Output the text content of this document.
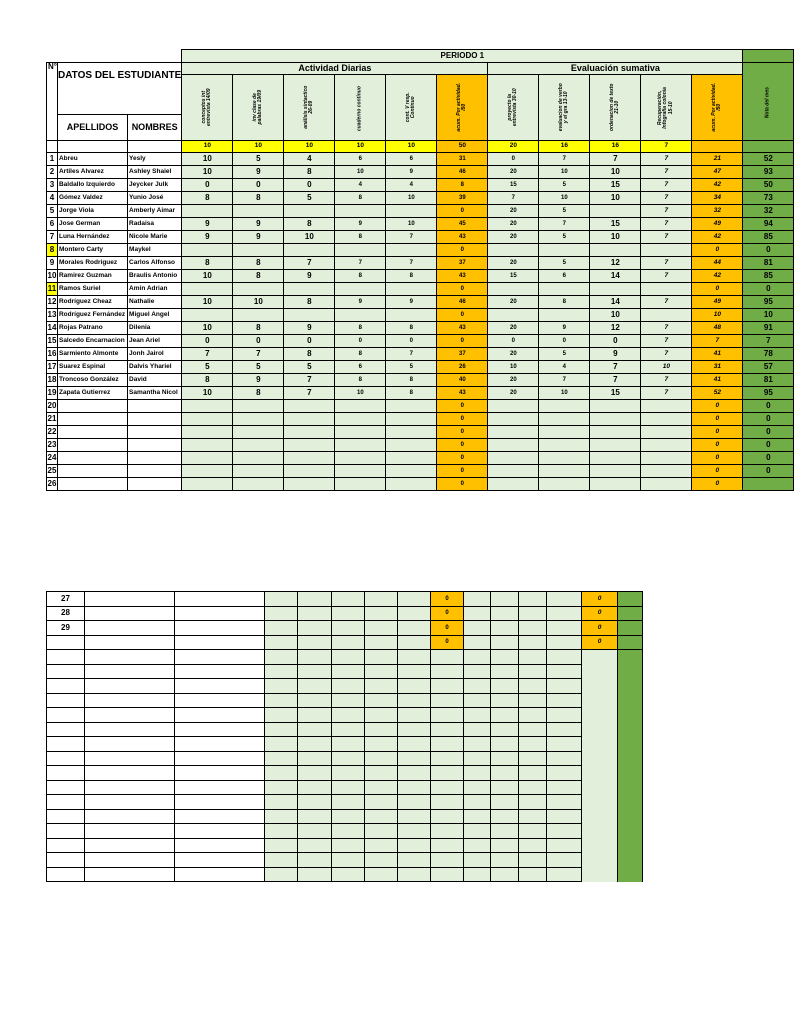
			PERIODO 1											
N°	DATOS DEL ESTUDIANTE		Actividad Diarias						Evaluación sumativa					Nota del mes
			conceptos int entrevista 14/09	inv clase de palabras 19/09	análisis sintactico 26-09	cuaderno continuo	cont. V resp. Continuo	acum. Por actividad. /50	proyecto la entrevista 30-10	evaluacion de verbo y el gra 13-10	ordenacion de texto 21-10	Recuperación, Infografia colonia 15-10	acum. Por actividad. /50	
	APELLIDOS	NOMBRES												
			10	10	10	10	10	50	20	16	16	7		
1	Abreu	Yesly	10	5	4	6	6	31	0	7	7	7	21	52
2	Artiles Alvarez	Ashley Shaiel	10	9	8	10	9	46	20	10	10	7	47	93
3	Baldallo Izquierdo	Jeycker Julk	0	0	0	4	4	8	15	5	15	7	42	50
4	Gómez Valdez	Yunio José	8	8	5	8	10	39	7	10	10	7	34	73
5	Jorge Viola	Amberly Aimar						0	20	5		7	32	32
6	Jose German	Radaisa	9	9	8	9	10	45	20	7	15	7	49	94
7	Luna Hernández	Nicole Marie	9	9	10	8	7	43	20	5	10	7	42	85
8	Montero Carty	Maykel						0					0	0
9	Morales Rodriguez	Carlos Alfonso	8	8	7	7	7	37	20	5	12	7	44	81
10	Ramirez Guzman	Braulis Antonio	10	8	9	8	8	43	15	6	14	7	42	85
11	Ramos Suriel	Amin Adrian						0					0	0
12	Rodríguez Cheaz	Nathalie	10	10	8	9	9	46	20	8	14	7	49	95
13	Rodríguez Fernández	Miguel Angel						0			10		10	10
14	Rojas Patrano	Dilenia	10	8	9	8	8	43	20	9	12	7	48	91
15	Salcedo Encarnacion	Jean Ariel	0	0	0	0	0	0	0	0	0	7	7	7
16	Sarmiento Almonte	Jonh Jairol	7	7	8	8	7	37	20	5	9	7	41	78
17	Suarez Espinal	Dalvis Yhariel	5	5	5	6	5	26	10	4	7	10	31	57
18	Troncoso González	David	8	9	7	8	8	40	20	7	7	7	41	81
19	Zapata Gutierrez	Samantha Nicol	10	8	7	10	8	43	20	10	15	7	52	95
20								0					0	0
21								0					0	0
22								0					0	0
23								0					0	0
24								0					0	0
25								0					0	0
26								0					0	
27								0					0	
28								0					0	
29								0					0	
								0					0	
